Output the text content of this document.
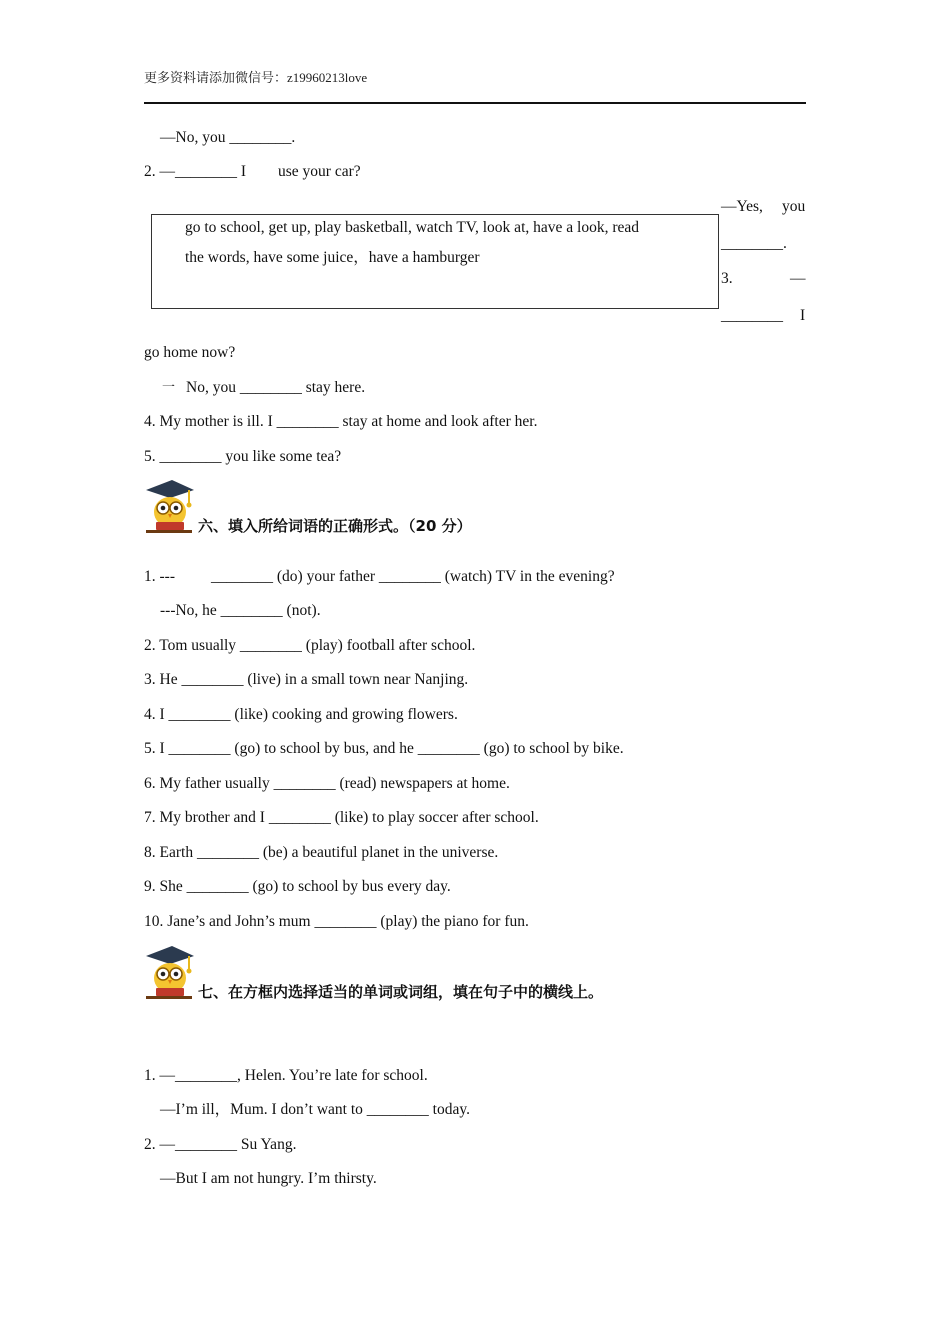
更多资料请添加微信号：z19960213love
—No, you ________.
2. —________ I use your car?
—Yes, you
________.
3.	—
________ I
go to school, get up, play basketball, watch TV, look at, have a look, read
the words, have some juice，have a hamburger
go home now?
一 No, you ________ stay here.
4. My mother is ill. I ________ stay at home and look after her.
5. ________ you like some tea?
六、填入所给词语的正确形式。（20 分）
1. --- ________ (do) your father ________ (watch) TV in the evening?
---No, he ________ (not).
2. Tom usually ________ (play) football after school.
3. He ________ (live) in a small town near Nanjing.
4. I ________ (like) cooking and growing flowers.
5. I ________ (go) to school by bus, and he ________ (go) to school by bike.
6. My father usually ________ (read) newspapers at home.
7. My brother and I ________ (like) to play soccer after school.
8. Earth ________ (be) a beautiful planet in the universe.
9. She ________ (go) to school by bus every day.
10. Jane’s and John’s mum ________ (play) the piano for fun.
七、在方框内选择适当的单词或词组，填在句子中的横线上。
1. —________, Helen. You’re late for school.
—I’m ill，Mum. I don’t want to ________ today.
2. —________ Su Yang.
—But I am not hungry. I’m thirsty.
